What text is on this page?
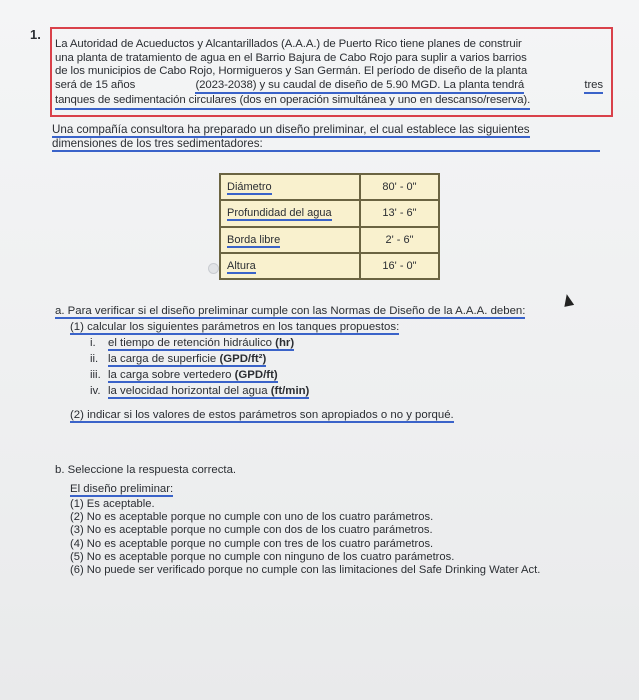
1.
La Autoridad de Acueductos y Alcantarillados (A.A.A.) de Puerto Rico tiene planes de construir
una planta de tratamiento de agua en el Barrio Bajura de Cabo Rojo para suplir a varios barrios
de los municipios de Cabo Rojo, Hormigueros y San Germán. El período de diseño de la planta
será de 15 años	(2023-2038) y su caudal de diseño de 5.90 MGD. La planta tendrá	tres
tanques de sedimentación circulares (dos en operación simultánea y uno en descanso/reserva).
Una compañía consultora ha preparado un diseño preliminar, el cual establece las siguientes
dimensiones de los tres sedimentadores:
Diámetro	80' - 0"
Profundidad del agua	13' - 6"
Borda libre	2' - 6"
Altura	16' - 0"
a. Para verificar si el diseño preliminar cumple con las Normas de Diseño de la A.A.A. deben:
(1) calcular los siguientes parámetros en los tanques propuestos:
i. el tiempo de retención hidráulico (hr)
ii. la carga de superficie (GPD/ft²)
iii. la carga sobre vertedero (GPD/ft)
iv. la velocidad horizontal del agua (ft/min)
(2) indicar si los valores de estos parámetros son apropiados o no y porqué.
b. Seleccione la respuesta correcta.
El diseño preliminar:
(1) Es aceptable.
(2) No es aceptable porque no cumple con uno de los cuatro parámetros.
(3) No es aceptable porque no cumple con dos de los cuatro parámetros.
(4) No es aceptable porque no cumple con tres de los cuatro parámetros.
(5) No es aceptable porque no cumple con ninguno de los cuatro parámetros.
(6) No puede ser verificado porque no cumple con las limitaciones del Safe Drinking Water Act.
